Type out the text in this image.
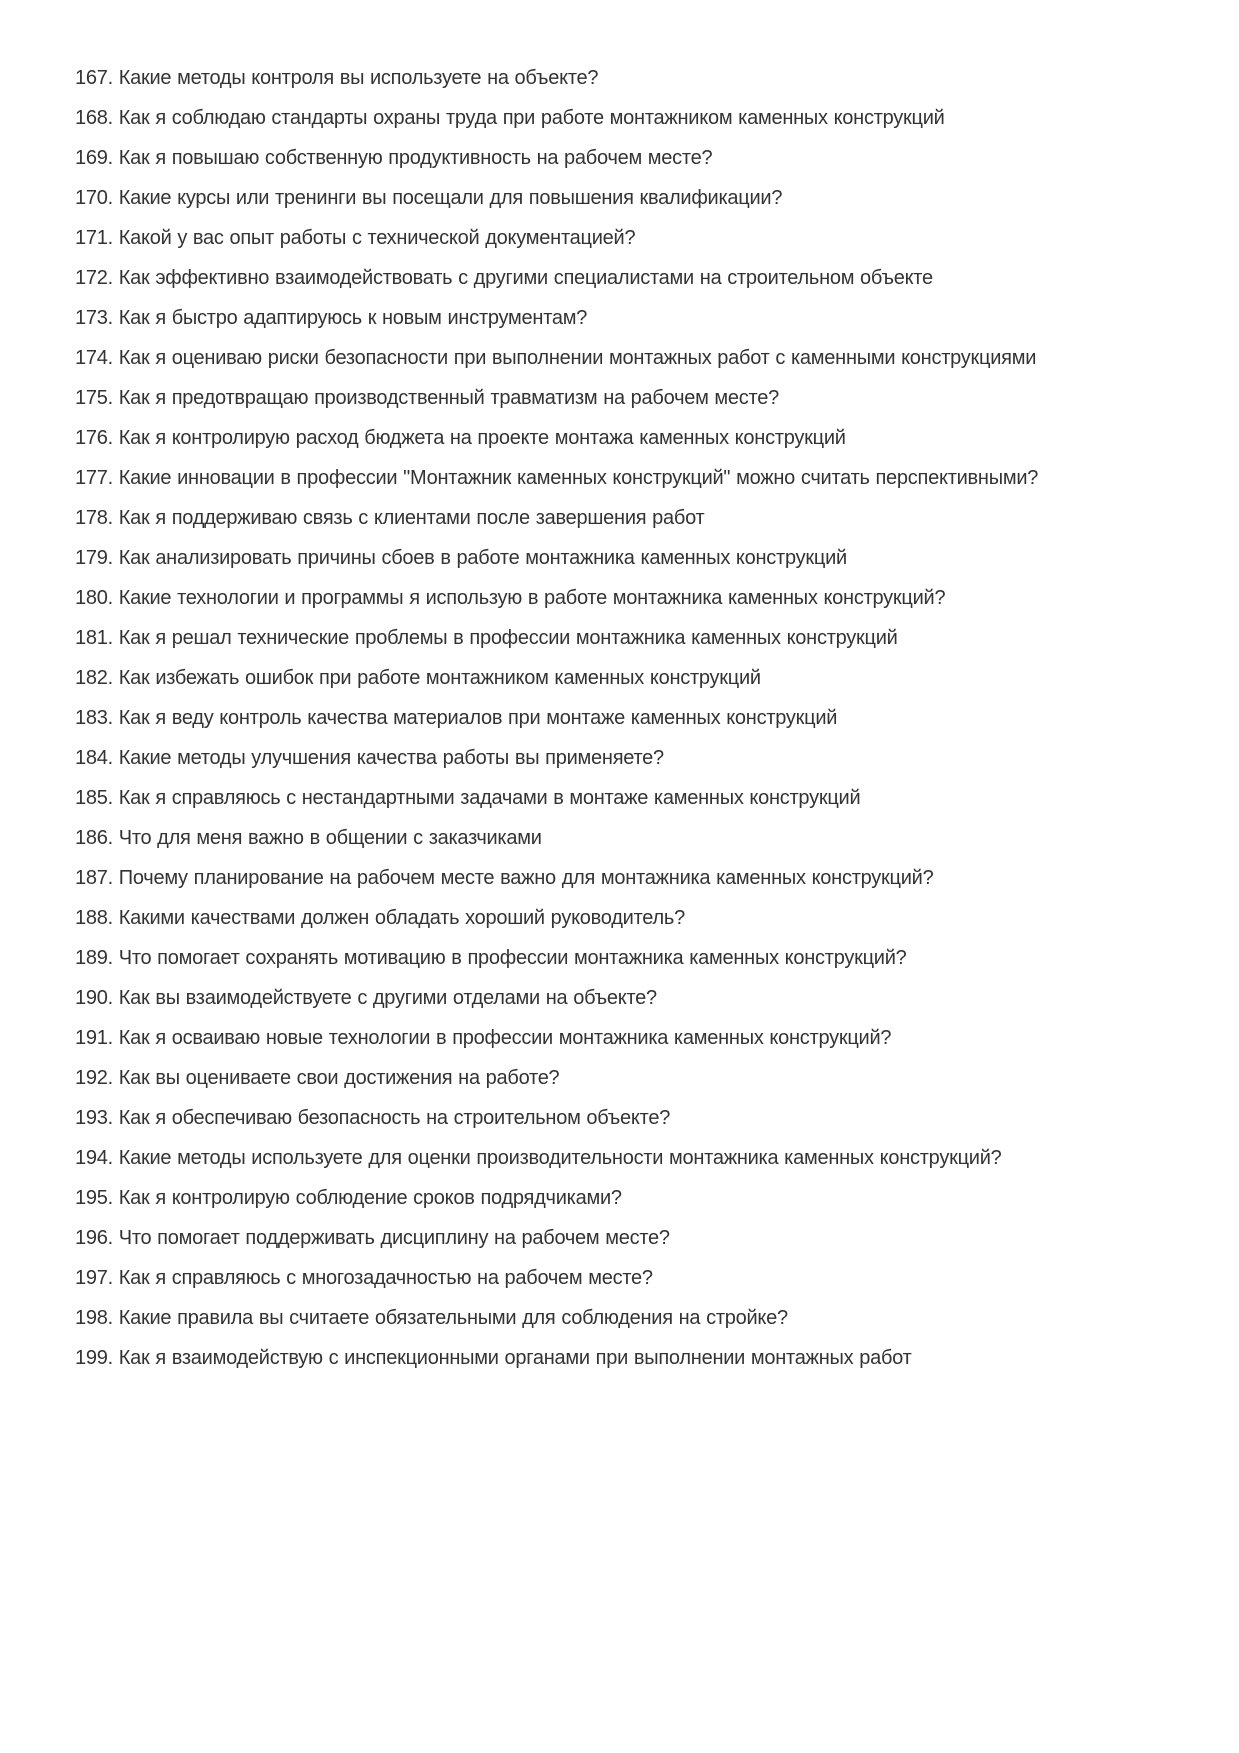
167. Какие методы контроля вы используете на объекте?

168. Как я соблюдаю стандарты охраны труда при работе монтажником каменных конструкций

169. Как я повышаю собственную продуктивность на рабочем месте?

170. Какие курсы или тренинги вы посещали для повышения квалификации?

171. Какой у вас опыт работы с технической документацией?

172. Как эффективно взаимодействовать с другими специалистами на строительном объекте

173. Как я быстро адаптируюсь к новым инструментам?

174. Как я оцениваю риски безопасности при выполнении монтажных работ с каменными конструкциями

175. Как я предотвращаю производственный травматизм на рабочем месте?

176. Как я контролирую расход бюджета на проекте монтажа каменных конструкций

177. Какие инновации в профессии "Монтажник каменных конструкций" можно считать перспективными?

178. Как я поддерживаю связь с клиентами после завершения работ

179. Как анализировать причины сбоев в работе монтажника каменных конструкций

180. Какие технологии и программы я использую в работе монтажника каменных конструкций?

181. Как я решал технические проблемы в профессии монтажника каменных конструкций

182. Как избежать ошибок при работе монтажником каменных конструкций

183. Как я веду контроль качества материалов при монтаже каменных конструкций

184. Какие методы улучшения качества работы вы применяете?

185. Как я справляюсь с нестандартными задачами в монтаже каменных конструкций

186. Что для меня важно в общении с заказчиками

187. Почему планирование на рабочем месте важно для монтажника каменных конструкций?

188. Какими качествами должен обладать хороший руководитель?

189. Что помогает сохранять мотивацию в профессии монтажника каменных конструкций?

190. Как вы взаимодействуете с другими отделами на объекте?

191. Как я осваиваю новые технологии в профессии монтажника каменных конструкций?

192. Как вы оцениваете свои достижения на работе?

193. Как я обеспечиваю безопасность на строительном объекте?

194. Какие методы используете для оценки производительности монтажника каменных конструкций?

195. Как я контролирую соблюдение сроков подрядчиками?

196. Что помогает поддерживать дисциплину на рабочем месте?

197. Как я справляюсь с многозадачностью на рабочем месте?

198. Какие правила вы считаете обязательными для соблюдения на стройке?

199. Как я взаимодействую с инспекционными органами при выполнении монтажных работ
